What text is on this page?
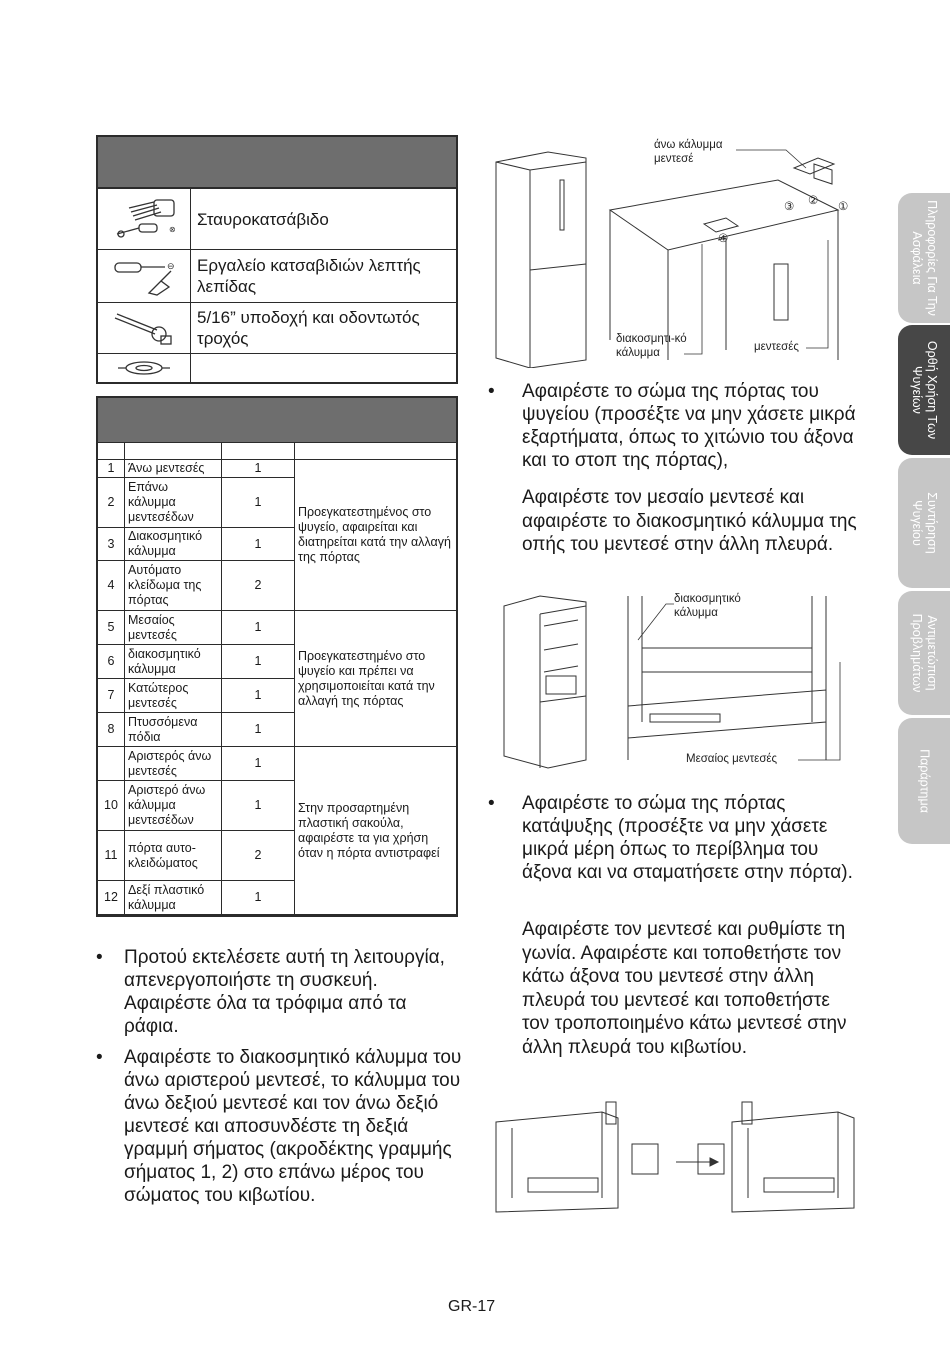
⊗
Σταυροκατσάβιδο
⊖	Εργαλείο κατσαβιδιών λεπτής λεπίδας
5/16” υποδοχή και οδοντωτός τροχός

1	Άνω μεντεσές	1	Προεγκατεστημένος στο ψυγείο, αφαιρείται και διατηρείται κατά την αλλαγή της πόρτας
2	Επάνω κάλυμμα μεντεσέδων	1	
3	Διακοσμητικό κάλυμμα	1	
4	Αυτόματο κλείδωμα της πόρτας	2	
5	Μεσαίος μεντεσές	1	Προεγκατεστημένο στο ψυγείο και πρέπει να χρησιμοποιείται κατά την αλλαγή της πόρτας
6	διακοσμητικό κάλυμμα	1	
7	Κατώτερος μεντεσές	1	
8	Πτυσσόμενα πόδια	1	
	Αριστερός άνω μεντεσές	1	Στην προσαρτημένη πλαστική σακούλα, αφαιρέστε τα για χρήση όταν η πόρτα αντιστραφεί
10	Αριστερό άνω κάλυμμα μεντεσέδων	1	
11	πόρτα αυτο-κλειδώματος	2	
12	Δεξί πλαστικό κάλυμμα	1	
•	Προτού εκτελέσετε αυτή τη λειτουργία, απενεργοποιήστε τη συσκευή. Αφαιρέστε όλα τα τρόφιμα από τα ράφια.
•	Αφαιρέστε το διακοσμητικό κάλυμμα του άνω αριστερού μεντεσέ, το κάλυμμα του άνω δεξιού μεντεσέ και τον άνω δεξιό μεντεσέ και αποσυνδέστε τη δεξιά γραμμή σήματος (ακροδέκτης γραμμής σήματος 1, 2) στο επάνω μέρος του σώματος του κιβωτίου.
άνω κάλυμμα μεντεσέ
διακοσμητι-κό κάλυμμα	μεντεσές
③ ② ①
④
•	Αφαιρέστε το σώμα της πόρτας του ψυγείου (προσέξτε να μην χάσετε μικρά εξαρτήματα, όπως το χιτώνιο του άξονα και το στοπ της πόρτας),
Αφαιρέστε τον μεσαίο μεντεσέ και αφαιρέστε το διακοσμητικό κάλυμμα της οπής του μεντεσέ στην άλλη πλευρά.
διακοσμητικό κάλυμμα
Μεσαίος μεντεσές
•	Αφαιρέστε το σώμα της πόρτας κατάψυξης (προσέξτε να μην χάσετε μικρά μέρη όπως το περίβλημα του άξονα και να σταματήσετε στην πόρτα).
Αφαιρέστε τον μεντεσέ και ρυθμίστε τη γωνία. Αφαιρέστε και τοποθετήστε τον κάτω άξονα του μεντεσέ στην άλλη πλευρά του μεντεσέ και τοποθετήστε τον τροποποιημένο κάτω μεντεσέ στην άλλη πλευρά του κιβωτίου.
Πληροφορίες Για Την Ασφάλεια
Ορθή Χρήση Των Ψυγείων
Συντήρηση Ψυγείου
Αντιμετώπιση Προβλημάτων
Παράρτημα
GR-17
